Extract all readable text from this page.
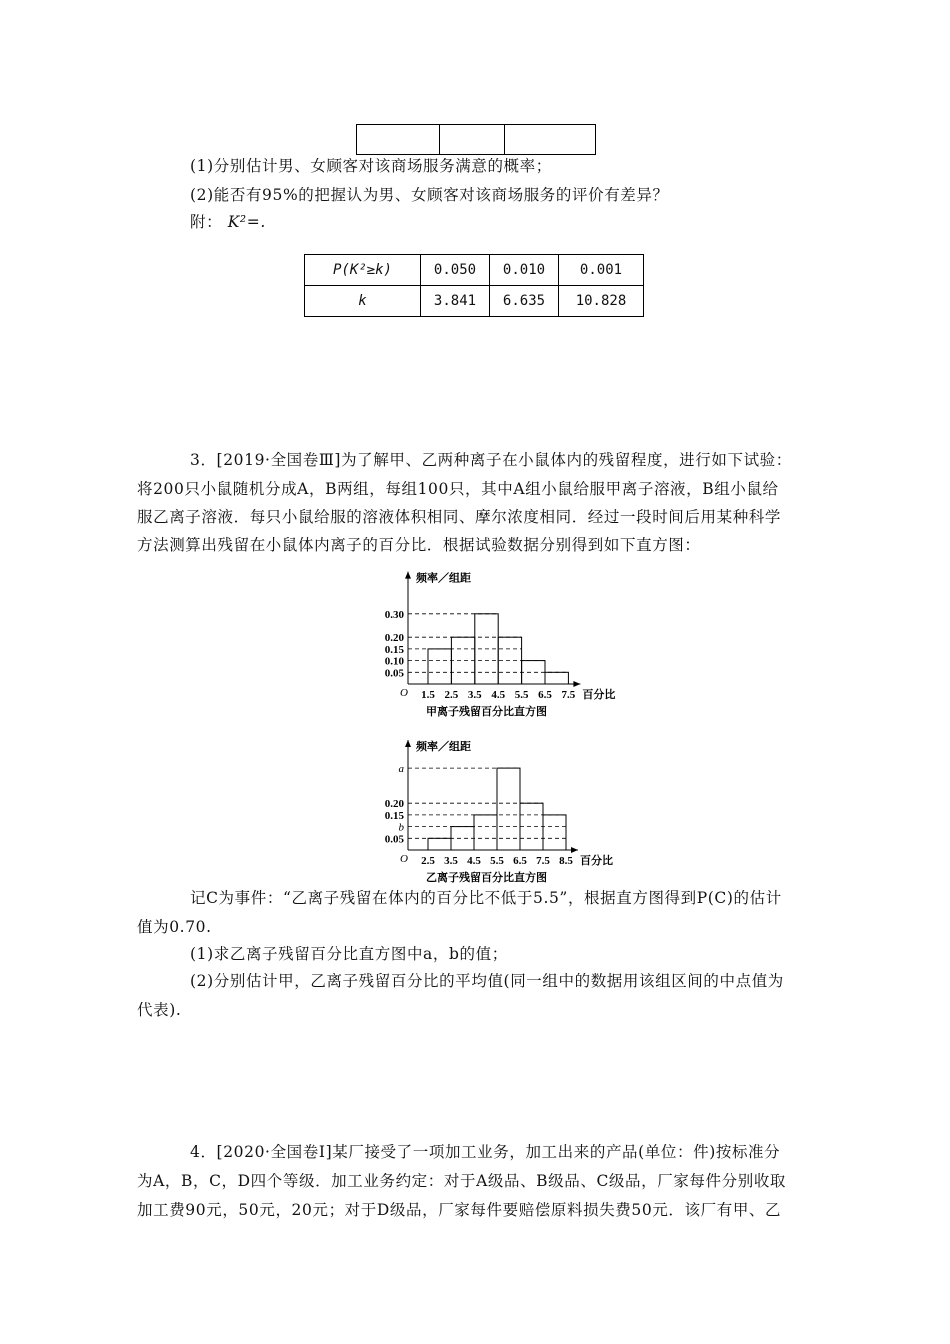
(1)分别估计男、女顾客对该商场服务满意的概率；
(2)能否有95%的把握认为男、女顾客对该商场服务的评价有差异？
附： K²=.
P(K²≥k)	0.050	0.010	0.001
k	3.841	6.635	10.828
3．[2019·全国卷Ⅲ]为了解甲、乙两种离子在小鼠体内的残留程度，进行如下试验：
将200只小鼠随机分成A，B两组，每组100只，其中A组小鼠给服甲离子溶液，B组小鼠给
服乙离子溶液．每只小鼠给服的溶液体积相同、摩尔浓度相同．经过一段时间后用某种科学
方法测算出残留在小鼠体内离子的百分比．根据试验数据分别得到如下直方图：
频率／组距
0.30
0.20
0.15
0.10
0.05
O 1.5 2.5 3.5 4.5 5.5 6.5 7.5 百分比
甲离子残留百分比直方图
频率／组距
a
0.20
0.15
b
0.05
O 2.5 3.5 4.5 5.5 6.5 7.5 8.5 百分比
乙离子残留百分比直方图
记C为事件：“乙离子残留在体内的百分比不低于5.5”，根据直方图得到P(C)的估计
值为0.70.
(1)求乙离子残留百分比直方图中a，b的值；
(2)分别估计甲，乙离子残留百分比的平均值(同一组中的数据用该组区间的中点值为
代表).
4．[2020·全国卷Ⅰ]某厂接受了一项加工业务，加工出来的产品(单位：件)按标准分
为A，B，C，D四个等级．加工业务约定：对于A级品、B级品、C级品，厂家每件分别收取
加工费90元，50元，20元；对于D级品，厂家每件要赔偿原料损失费50元．该厂有甲、乙
